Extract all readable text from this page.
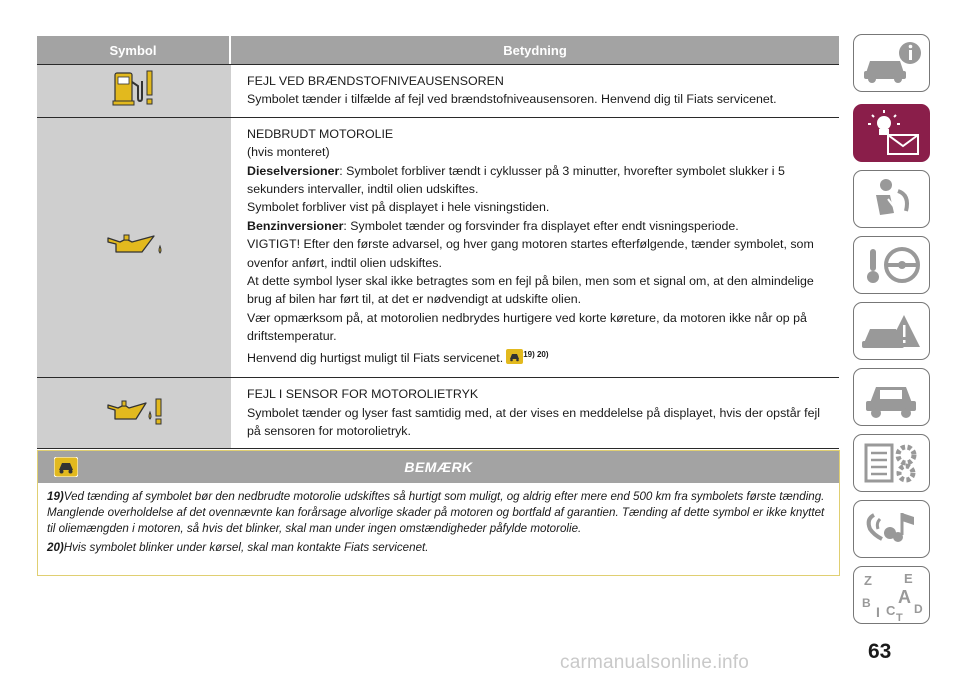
Symbol	Betydning

FEJL VED BRÆNDSTOFNIVEAUSENSOREN

Symbolet tænder i tilfælde af fejl ved brændstofniveausensoren. Henvend dig til Fiats servicenet.

NEDBRUDT MOTOROLIE

(hvis monteret)

Dieselversioner: Symbolet forbliver tændt i cyklusser på 3 minutter, hvorefter symbolet slukker i 5 sekunders intervaller, indtil olien udskiftes.

Symbolet forbliver vist på displayet i hele visningstiden.

Benzinversioner: Symbolet tænder og forsvinder fra displayet efter endt visningsperiode.

VIGTIGT! Efter den første advarsel, og hver gang motoren startes efterfølgende, tænder symbolet, som ovenfor anført, indtil olien udskiftes.

At dette symbol lyser skal ikke betragtes som en fejl på bilen, men som et signal om, at den almindelige brug af bilen har ført til, at det er nødvendigt at udskifte olien.

Vær opmærksom på, at motorolien nedbrydes hurtigere ved korte køreture, da motoren ikke når op på driftstemperatur.

Henvend dig hurtigst muligt til Fiats servicenet.	$^{19) 20)}$

FEJL I SENSOR FOR MOTOROLIETRYK

Symbolet tænder og lyser fast samtidig med, at der vises en meddelelse på displayet, hvis der opstår fejl på sensoren for motorolietryk.

BEMÆRK

19)Ved tænding af symbolet bør den nedbrudte motorolie udskiftes så hurtigt som muligt, og aldrig efter mere end 500 km fra symbolets første tænding. Manglende overholdelse af det ovennævnte kan forårsage alvorlige skader på motoren og bortfald af garantien. Tænding af dette symbol er ikke knyttet til oliemængden i motoren, så hvis det blinker, skal man under ingen omstændigheder påfylde motorolie.

20)Hvis symbolet blinker under kørsel, skal man kontakte Fiats servicenet.

Z E
B A
I C D
T
63
carmanualsonline.info
